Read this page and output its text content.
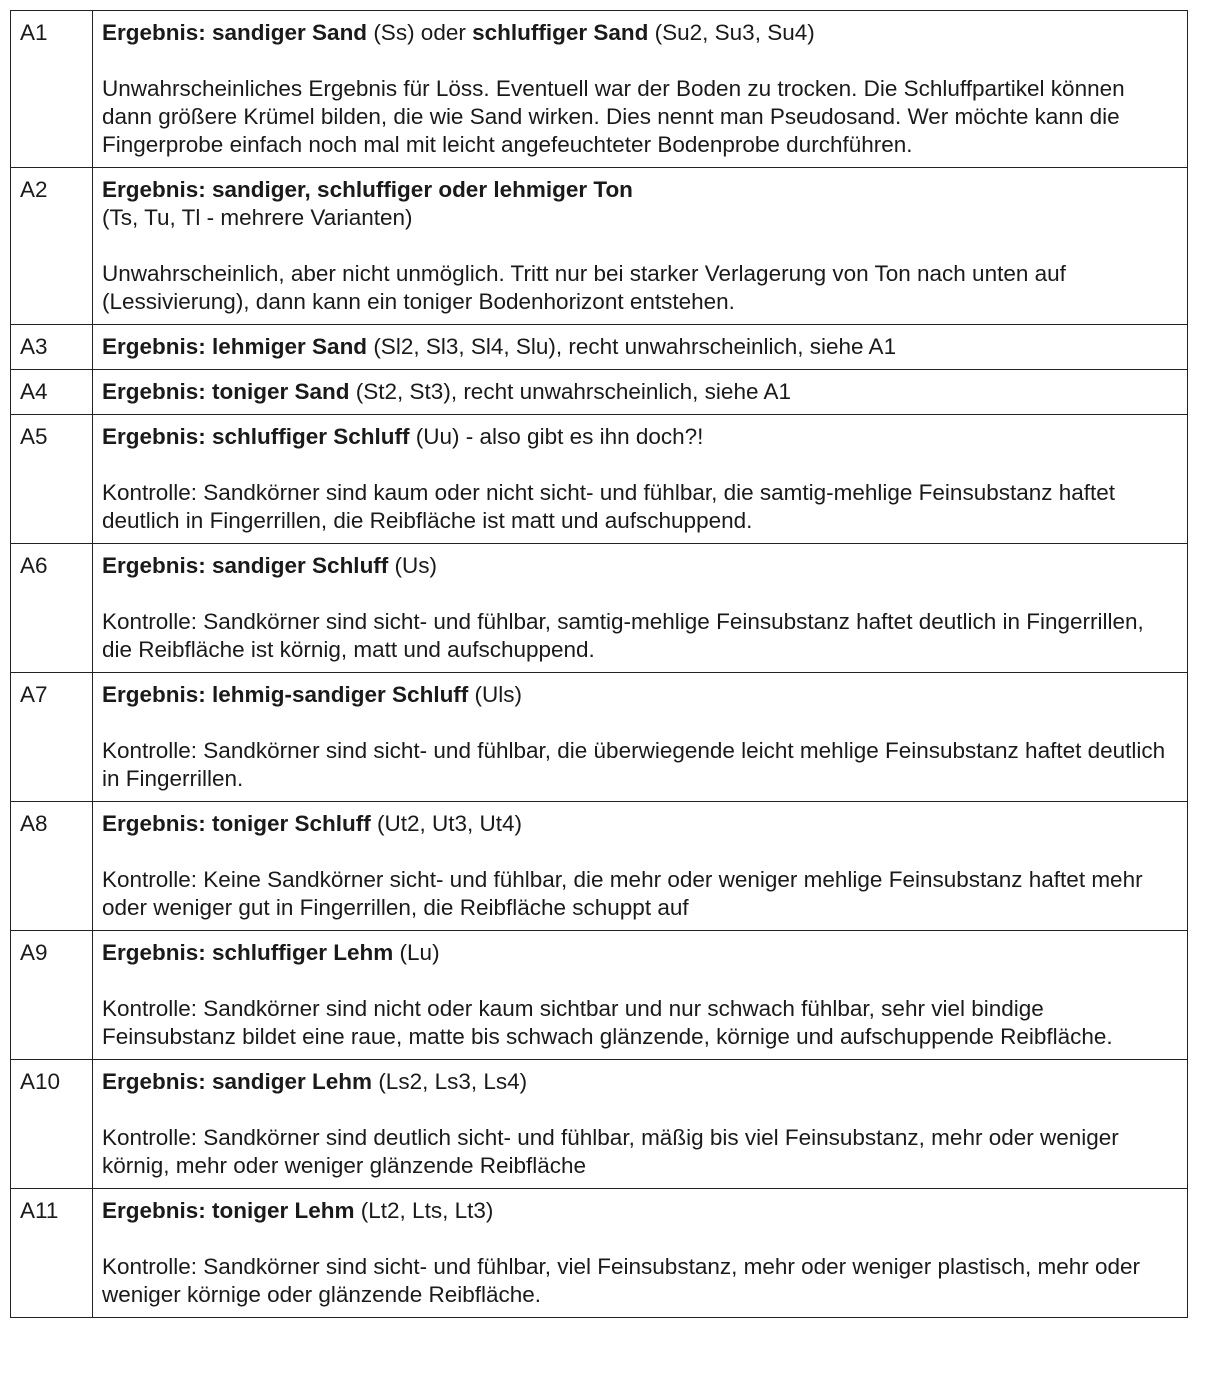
A1	Ergebnis: sandiger Sand (Ss) oder schluffiger Sand (Su2, Su3, Su4)
Unwahrscheinliches Ergebnis für Löss. Eventuell war der Boden zu trocken. Die Schluffpartikel können dann größere Krümel bilden, die wie Sand wirken. Dies nennt man Pseudosand. Wer möchte kann die Fingerprobe einfach noch mal mit leicht angefeuchteter Bodenprobe durchführen.

A2	Ergebnis: sandiger, schluffiger oder lehmiger Ton
(Ts, Tu, Tl - mehrere Varianten)
Unwahrscheinlich, aber nicht unmöglich. Tritt nur bei starker Verlagerung von Ton nach unten auf (Lessivierung), dann kann ein toniger Bodenhorizont entstehen.

A3	Ergebnis: lehmiger Sand (Sl2, Sl3, Sl4, Slu), recht unwahrscheinlich, siehe A1

A4	Ergebnis: toniger Sand (St2, St3), recht unwahrscheinlich, siehe A1

A5	Ergebnis: schluffiger Schluff (Uu) - also gibt es ihn doch?!
Kontrolle: Sandkörner sind kaum oder nicht sicht- und fühlbar, die samtig-mehlige Feinsubstanz haftet deutlich in Fingerrillen, die Reibfläche ist matt und aufschuppend.

A6	Ergebnis: sandiger Schluff (Us)
Kontrolle: Sandkörner sind sicht- und fühlbar, samtig-mehlige Feinsubstanz haftet deutlich in Fingerrillen, die Reibfläche ist körnig, matt und aufschuppend.

A7	Ergebnis: lehmig-sandiger Schluff (Uls)
Kontrolle: Sandkörner sind sicht- und fühlbar, die überwiegende leicht mehlige Feinsubstanz haftet deutlich in Fingerrillen.

A8	Ergebnis: toniger Schluff (Ut2, Ut3, Ut4)
Kontrolle: Keine Sandkörner sicht- und fühlbar, die mehr oder weniger mehlige Feinsubstanz haftet mehr oder weniger gut in Fingerrillen, die Reibfläche schuppt auf

A9	Ergebnis: schluffiger Lehm (Lu)
Kontrolle: Sandkörner sind nicht oder kaum sichtbar und nur schwach fühlbar, sehr viel bindige Feinsubstanz bildet eine raue, matte bis schwach glänzende, körnige und aufschuppende Reibfläche.

A10	Ergebnis: sandiger Lehm (Ls2, Ls3, Ls4)
Kontrolle: Sandkörner sind deutlich sicht- und fühlbar, mäßig bis viel Feinsubstanz, mehr oder weniger körnig, mehr oder weniger glänzende Reibfläche

A11	Ergebnis: toniger Lehm (Lt2, Lts, Lt3)
Kontrolle: Sandkörner sind sicht- und fühlbar, viel Feinsubstanz, mehr oder weniger plastisch, mehr oder weniger körnige oder glänzende Reibfläche.
